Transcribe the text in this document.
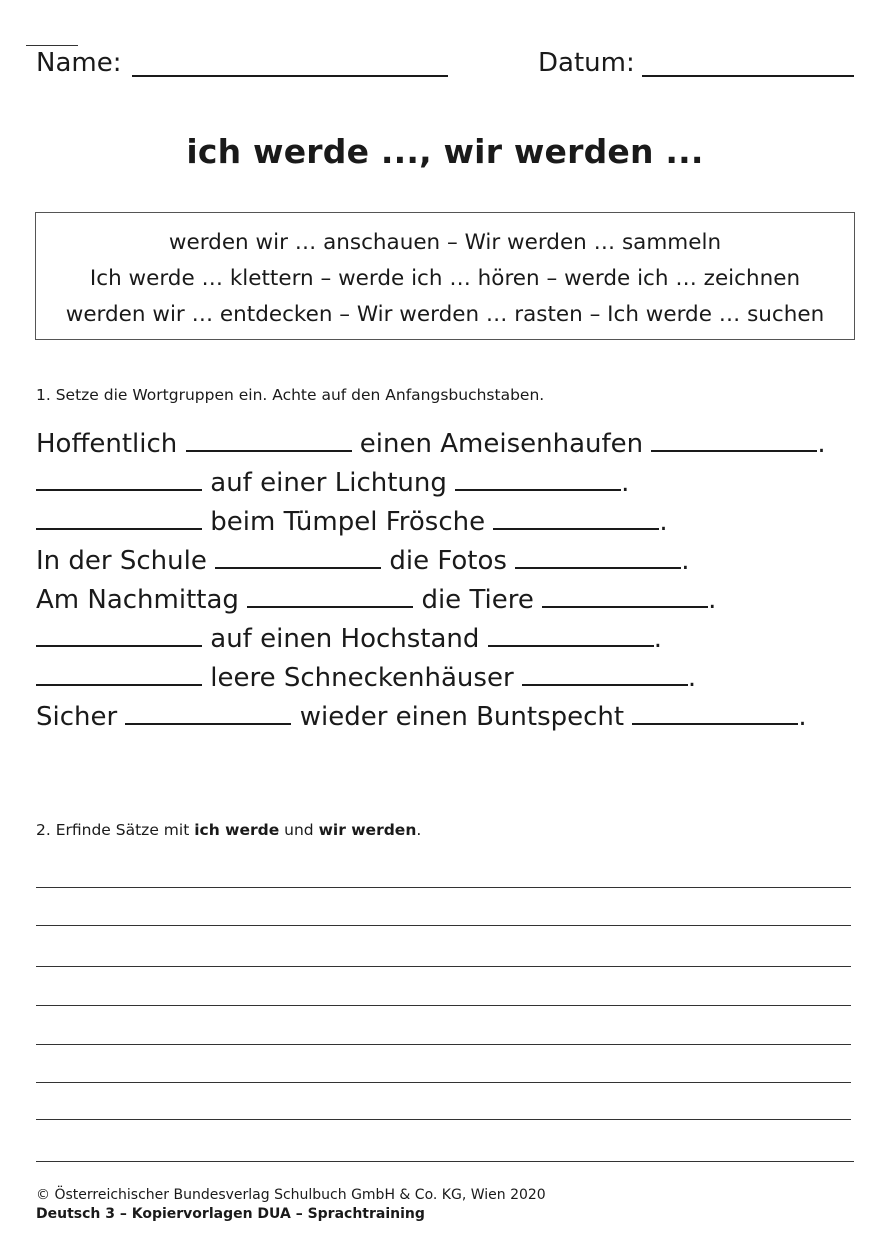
Name:	Datum:
ich werde ..., wir werden ...
werden wir … anschauen – Wir werden … sammeln
Ich werde … klettern – werde ich … hören – werde ich … zeichnen
werden wir … entdecken – Wir werden … rasten – Ich werde … suchen
1. Setze die Wortgruppen ein. Achte auf den Anfangsbuchstaben.
Hoffentlich	einen Ameisenhaufen	.
auf einer Lichtung	.
beim Tümpel Frösche	.
In der Schule	die Fotos	.
Am Nachmittag	die Tiere	.
auf einen Hochstand	.
leere Schneckenhäuser	.
Sicher	wieder einen Buntspecht	.
2. Erfinde Sätze mit ich werde und wir werden.
© Österreichischer Bundesverlag Schulbuch GmbH & Co. KG, Wien 2020
Deutsch 3 – Kopiervorlagen DUA – Sprachtraining
